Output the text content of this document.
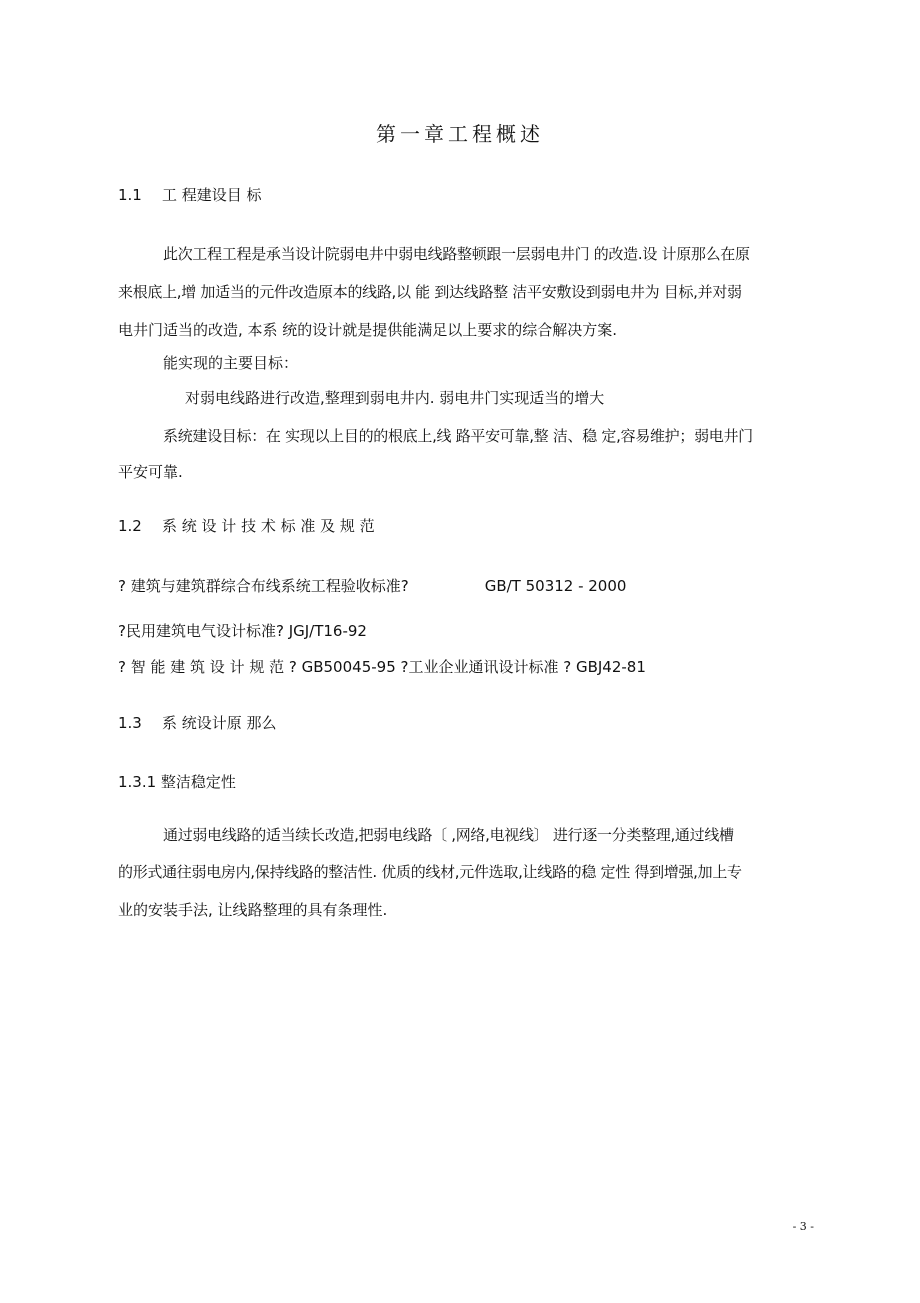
第一章工程概述
1.1 工 程建设目 标
此次工程工程是承当设计院弱电井中弱电线路整顿跟一层弱电井门 的改造.设 计原那么在原
来根底上,增 加适当的元件改造原本的线路,以 能 到达线路整 洁平安敷设到弱电井为 目标,并对弱
电井门适当的改造, 本系 统的设计就是提供能满足以上要求的综合解决方案.
能实现的主要目标：
对弱电线路进行改造,整理到弱电井内. 弱电井门实现适当的增大
系统建设目标：在 实现以上目的的根底上,线 路平安可靠,整 洁、稳 定,容易维护；弱电井门
平安可靠.
1.2 系 统 设 计 技 术 标 准 及 规 范
? 建筑与建筑群综合布线系统工程验收标准?	GB/T 50312 - 2000
?民用建筑电气设计标准? JGJ/T16-92
? 智 能 建 筑 设 计 规 范 ? GB50045-95 ?工业企业通讯设计标准 ? GBJ42-81
1.3 系 统设计原 那么
1.3.1 整洁稳定性
通过弱电线路的适当续长改造,把弱电线路〔 ,网络,电视线〕 进行逐一分类整理,通过线槽
的形式通往弱电房内,保持线路的整洁性. 优质的线材,元件选取,让线路的稳 定性 得到增强,加上专
业的安装手法, 让线路整理的具有条理性.
- 3 -
